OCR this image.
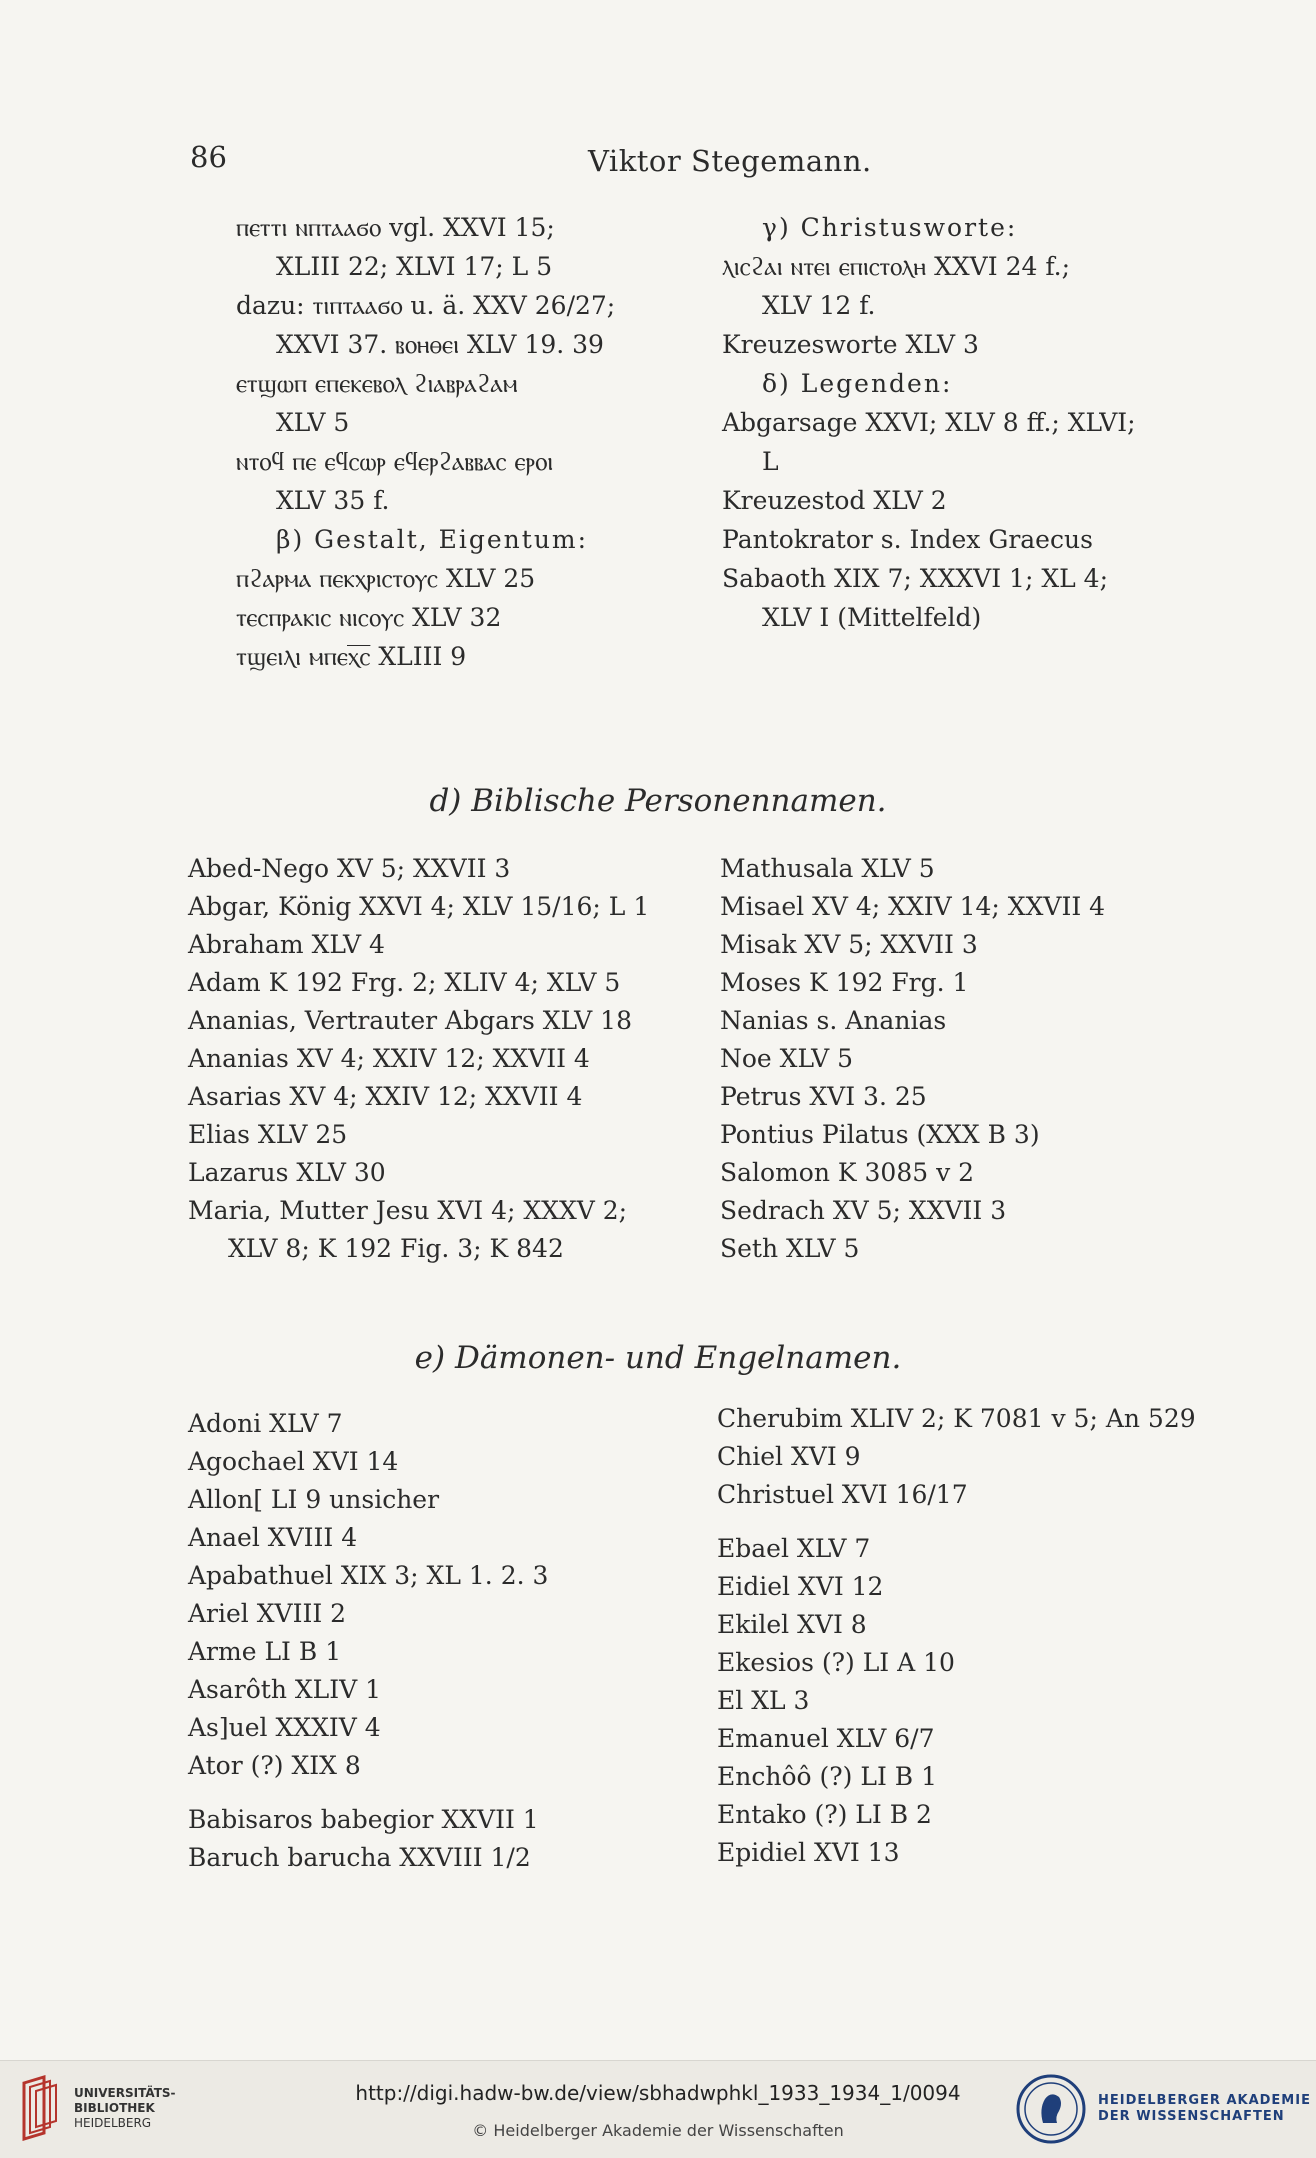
86	Viktor Stegemann.
ⲡⲉⲧⲧⲓ ⲛⲡⲧⲁⲁϭⲟ vgl. XXVI 15;
XLIII 22; XLVI 17; L 5
dazu: ⲧⲓⲡⲧⲁⲁϭⲟ u. ä. XXV 26/27;
XXVI 37. ⲃⲟⲏⲑⲉⲓ XLV 19. 39
ⲉⲧϣⲱⲡ ⲉⲡⲉⲕⲉⲃⲟⲗ ϩⲓⲁⲃⲣⲁϩⲁⲙ
XLV 5
ⲛⲧⲟϥ ⲡⲉ ⲉϥⲥⲱⲣ ⲉϥⲉⲣϩⲁⲃⲃⲁⲥ ⲉⲣⲟⲓ
XLV 35 f.
β) Gestalt, Eigentum:
ⲡϩⲁⲣⲙⲁ ⲡⲉⲕⲭⲣⲓⲥⲧⲟⲩⲥ XLV 25
ⲧⲉⲥⲡⲣⲁⲕⲓⲥ ⲛⲓⲥⲟⲩⲥ XLV 32
ⲧϣⲉⲓⲗⲓ ⲙⲡⲉⲭ̅ⲥ̅ XLIII 9
γ) Christusworte:
ⲗⲓⲥϩⲁⲓ ⲛⲧⲉⲓ ⲉⲡⲓⲥⲧⲟⲗⲏ XXVI 24 f.;
XLV 12 f.
Kreuzesworte XLV 3
δ) Legenden:
Abgarsage XXVI; XLV 8 ff.; XLVI;
L
Kreuzestod XLV 2
Pantokrator s. Index Graecus
Sabaoth XIX 7; XXXVI 1; XL 4;
XLV I (Mittelfeld)
d) Biblische Personennamen.
Abed-Nego XV 5; XXVII 3
Abgar, König XXVI 4; XLV 15/16; L 1
Abraham XLV 4
Adam K 192 Frg. 2; XLIV 4; XLV 5
Ananias, Vertrauter Abgars XLV 18
Ananias XV 4; XXIV 12; XXVII 4
Asarias XV 4; XXIV 12; XXVII 4
Elias XLV 25
Lazarus XLV 30
Maria, Mutter Jesu XVI 4; XXXV 2;
XLV 8; K 192 Fig. 3; K 842
Mathusala XLV 5
Misael XV 4; XXIV 14; XXVII 4
Misak XV 5; XXVII 3
Moses K 192 Frg. 1
Nanias s. Ananias
Noe XLV 5
Petrus XVI 3. 25
Pontius Pilatus (XXX B 3)
Salomon K 3085 v 2
Sedrach XV 5; XXVII 3
Seth XLV 5
e) Dämonen- und Engelnamen.
Adoni XLV 7
Agochael XVI 14
Allon[ LI 9 unsicher
Anael XVIII 4
Apabathuel XIX 3; XL 1. 2. 3
Ariel XVIII 2
Arme LI B 1
Asarôth XLIV 1
As]uel XXXIV 4
Ator (?) XIX 8
Babisaros babegior XXVII 1
Baruch barucha XXVIII 1/2
Cherubim XLIV 2; K 7081 v 5; An 529
Chiel XVI 9
Christuel XVI 16/17
Ebael XLV 7
Eidiel XVI 12
Ekilel XVI 8
Ekesios (?) LI A 10
El XL 3
Emanuel XLV 6/7
Enchôô (?) LI B 1
Entako (?) LI B 2
Epidiel XVI 13
UNIVERSITÄTS-
BIBLIOTHEK
HEIDELBERG
http://digi.hadw-bw.de/view/sbhadwphkl_1933_1934_1/0094
© Heidelberger Akademie der Wissenschaften
HEIDELBERGER AKADEMIE
DER WISSENSCHAFTEN
